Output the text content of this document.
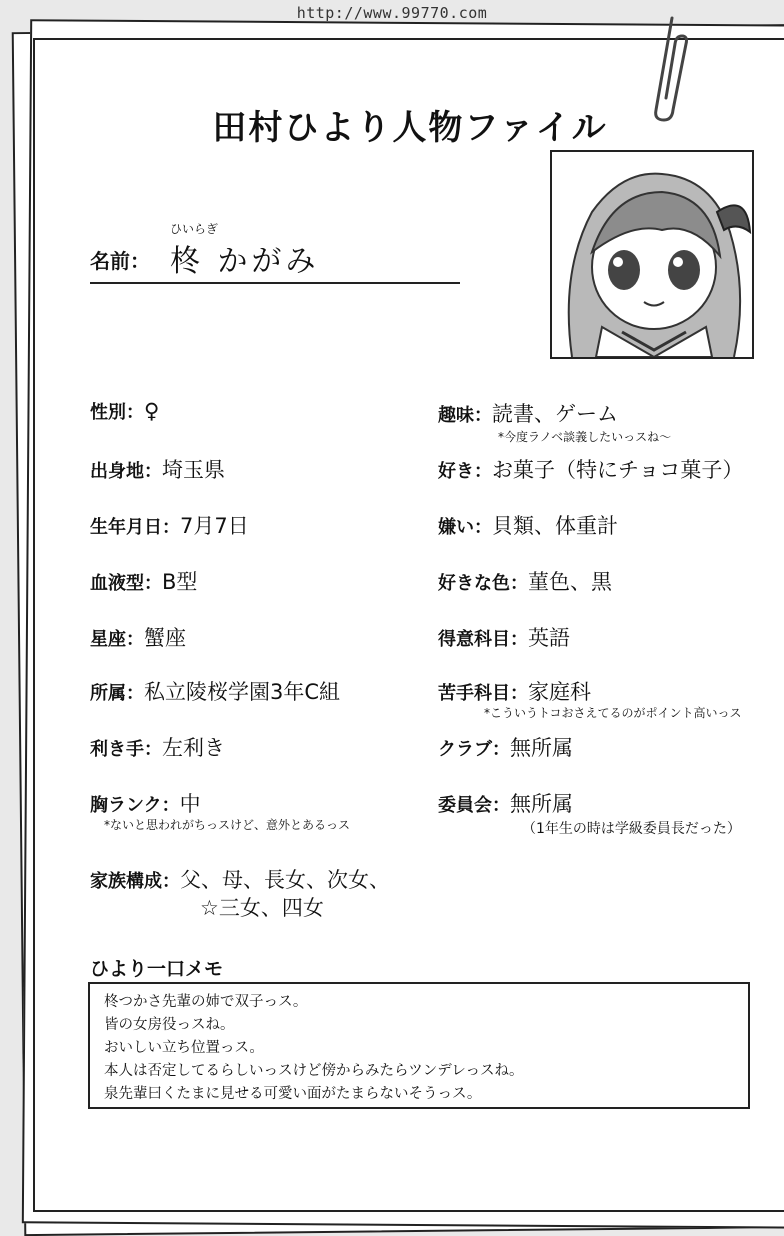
http://www.99770.com
田村ひより人物ファイル
名前：
ひいらぎ
柊 かがみ
性別：♀
出身地：埼玉県
生年月日：7月7日
血液型：B型
星座：蟹座
所属：私立陵桜学園3年C組
利き手：左利き
胸ランク：中
*ないと思われがちっスけど、意外とあるっス
家族構成：父、母、長女、次女、
☆三女、四女
趣味：読書、ゲーム
*今度ラノベ談義したいっスね～
好き：お菓子（特にチョコ菓子）
嫌い：貝類、体重計
好きな色：菫色、黒
得意科目：英語
苦手科目：家庭科
*こういうトコおさえてるのがポイント高いっス
クラブ：無所属
委員会：無所属
（1年生の時は学級委員長だった）
ひより一口メモ
柊つかさ先輩の姉で双子っス。
皆の女房役っスね。
おいしい立ち位置っス。
本人は否定してるらしいっスけど傍からみたらツンデレっスね。
泉先輩曰くたまに見せる可愛い面がたまらないそうっス。
